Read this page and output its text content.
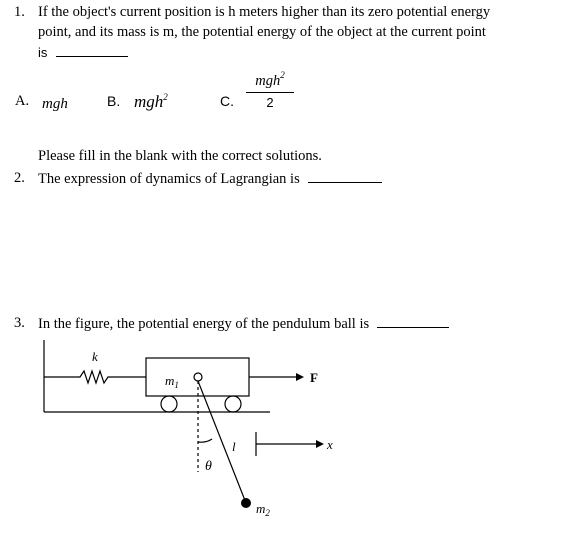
1. If the object's current position is h meters higher than its zero potential energy
point, and its mass is m, the potential energy of the object at the current point
is
A. mgh	B. mgh$^2$	C.
mgh$^2$
2
Please fill in the blank with the correct solutions.
2. The expression of dynamics of Lagrangian is
3. In the figure, the potential energy of the pendulum ball is
k
$m_1$	F
l	x
θ
$m_2$
